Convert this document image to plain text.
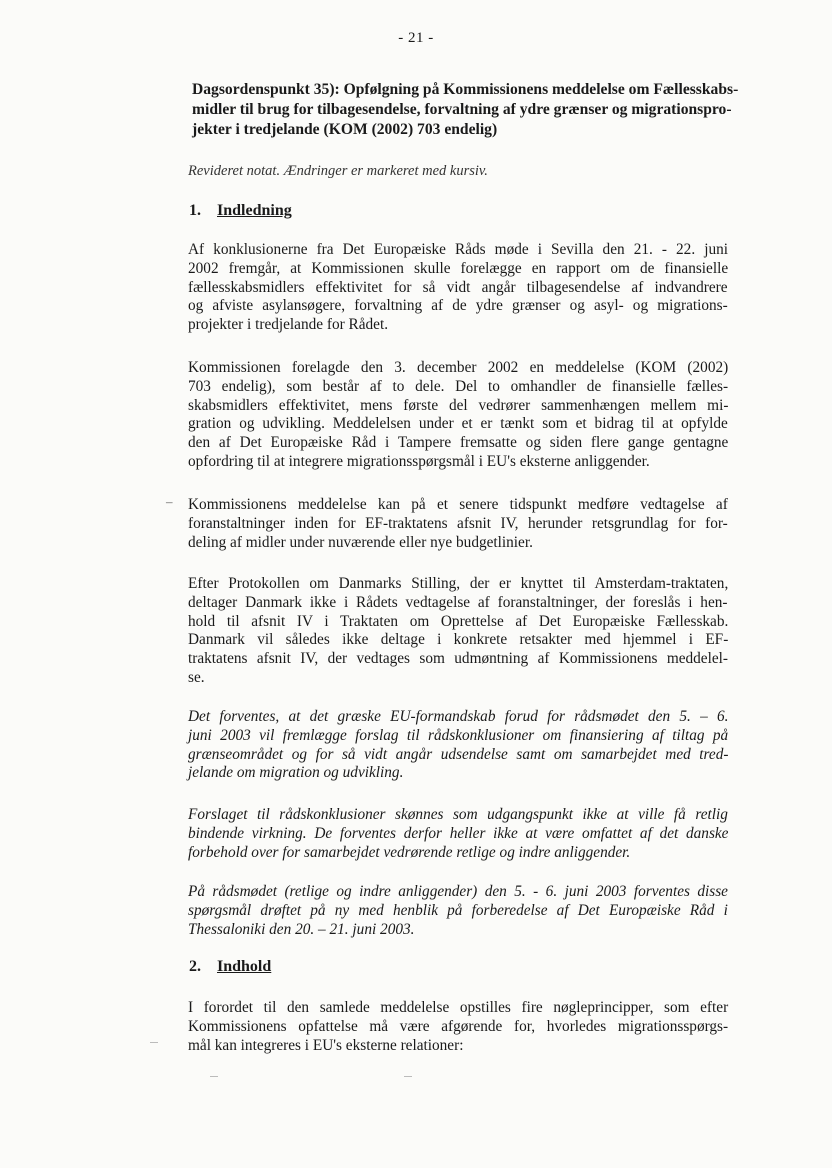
- 21 -
Dagsordenspunkt 35): Opfølgning på Kommissionens meddelelse om Fællesskabs-
midler til brug for tilbagesendelse, forvaltning af ydre grænser og migrationspro-
jekter i tredjelande (KOM (2002) 703 endelig)
Revideret notat. Ændringer er markeret med kursiv.
1. Indledning
Af konklusionerne fra Det Europæiske Råds møde i Sevilla den 21. - 22. juni
2002 fremgår, at Kommissionen skulle forelægge en rapport om de finansielle
fællesskabsmidlers effektivitet for så vidt angår tilbagesendelse af indvandrere
og afviste asylansøgere, forvaltning af de ydre grænser og asyl- og migrations-
projekter i tredjelande for Rådet.
Kommissionen forelagde den 3. december 2002 en meddelelse (KOM (2002)
703 endelig), som består af to dele. Del to omhandler de finansielle fælles-
skabsmidlers effektivitet, mens første del vedrører sammenhængen mellem mi-
gration og udvikling. Meddelelsen under et er tænkt som et bidrag til at opfylde
den af Det Europæiske Råd i Tampere fremsatte og siden flere gange gentagne
opfordring til at integrere migrationsspørgsmål i EU's eksterne anliggender.
– Kommissionens meddelelse kan på et senere tidspunkt medføre vedtagelse af
foranstaltninger inden for EF-traktatens afsnit IV, herunder retsgrundlag for for-
deling af midler under nuværende eller nye budgetlinier.
Efter Protokollen om Danmarks Stilling, der er knyttet til Amsterdam-traktaten,
deltager Danmark ikke i Rådets vedtagelse af foranstaltninger, der foreslås i hen-
hold til afsnit IV i Traktaten om Oprettelse af Det Europæiske Fællesskab.
Danmark vil således ikke deltage i konkrete retsakter med hjemmel i EF-
traktatens afsnit IV, der vedtages som udmøntning af Kommissionens meddelel-
se.
Det forventes, at det græske EU-formandskab forud for rådsmødet den 5. – 6.
juni 2003 vil fremlægge forslag til rådskonklusioner om finansiering af tiltag på
grænseområdet og for så vidt angår udsendelse samt om samarbejdet med tred-
jelande om migration og udvikling.
Forslaget til rådskonklusioner skønnes som udgangspunkt ikke at ville få retlig
bindende virkning. De forventes derfor heller ikke at være omfattet af det danske
forbehold over for samarbejdet vedrørende retlige og indre anliggender.
På rådsmødet (retlige og indre anliggender) den 5. - 6. juni 2003 forventes disse
spørgsmål drøftet på ny med henblik på forberedelse af Det Europæiske Råd i
Thessaloniki den 20. – 21. juni 2003.
2. Indhold
I forordet til den samlede meddelelse opstilles fire nøgleprincipper, som efter
Kommissionens opfattelse må være afgørende for, hvorledes migrationsspørgs-
mål kan integreres i EU's eksterne relationer:
